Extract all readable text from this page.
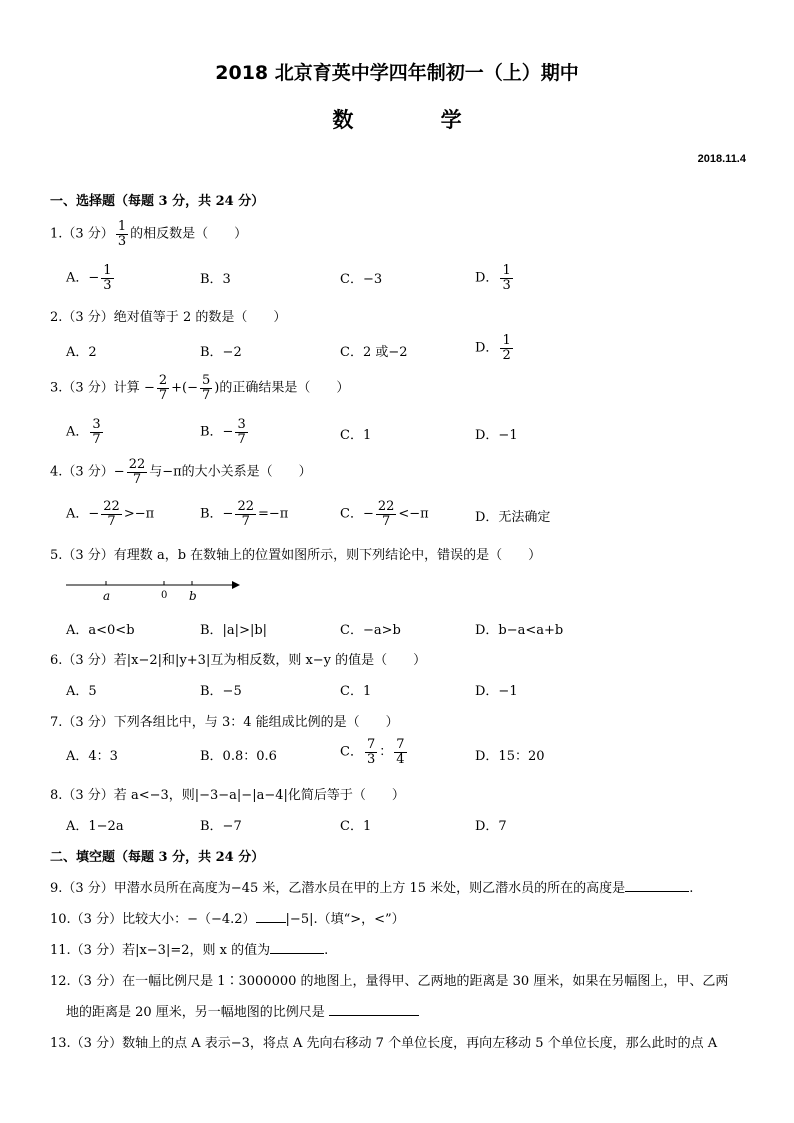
2018 北京育英中学四年制初一（上）期中
数 学
2018.11.4
一、选择题（每题 3 分，共 24 分）
1.（3 分） $\frac{1}{3}$ 的相反数是（　　）
A．− $\frac{1}{3}$	B．3	C．−3	D． $\frac{1}{3}$
2.（3 分）绝对值等于 2 的数是（　　）
A．2	B．−2	C．2 或−2	D． $\frac{1}{2}$
3.（3 分）计算 − $\frac{2}{7}$ +(− $\frac{5}{7}$ )的正确结果是（　　）
A． $\frac{3}{7}$	B．− $\frac{3}{7}$	C．1	D．−1
4.（3 分）− $\frac{22}{7}$ 与−π的大小关系是（　　）
A．− $\frac{22}{7} >-\pi$	B．− $\frac{22}{7} =-\pi$	C．− $\frac{22}{7} <-\pi$	D．无法确定
5.（3 分）有理数 a，b 在数轴上的位置如图所示，则下列结论中，错误的是（　　）
a	0 b
A．a<0<b	B．|a|>|b|	C．−a>b	D．b−a<a+b
6.（3 分）若|x−2|和|y+3|互为相反数，则 x−y 的值是（　　）
A．5	B．−5	C．1	D．−1
7.（3 分）下列各组比中，与 3：4 能组成比例的是（　　）
A．4：3	B．0.8：0.6	C． $\frac{7}{3}$ ： $\frac{7}{4}$	D．15：20
8.（3 分）若 a<−3，则|−3−a|−|a−4|化简后等于（　　）
A．1−2a	B．−7	C．1	D．7
二、填空题（每题 3 分，共 24 分）
9.（3 分）甲潜水员所在高度为−45 米，乙潜水员在甲的上方 15 米处，则乙潜水员的所在的高度是	.
10.（3 分）比较大小：−（−4.2） |−5|.（填“>，<”）
11.（3 分）若|x−3|=2，则 x 的值为	.
12.（3 分）在一幅比例尺是 1∶3000000 的地图上，量得甲、乙两地的距离是 30 厘米，如果在另幅图上，甲、乙两
地的距离是 20 厘米，另一幅地图的比例尺是
13.（3 分）数轴上的点 A 表示−3，将点 A 先向右移动 7 个单位长度，再向左移动 5 个单位长度，那么此时的点 A
